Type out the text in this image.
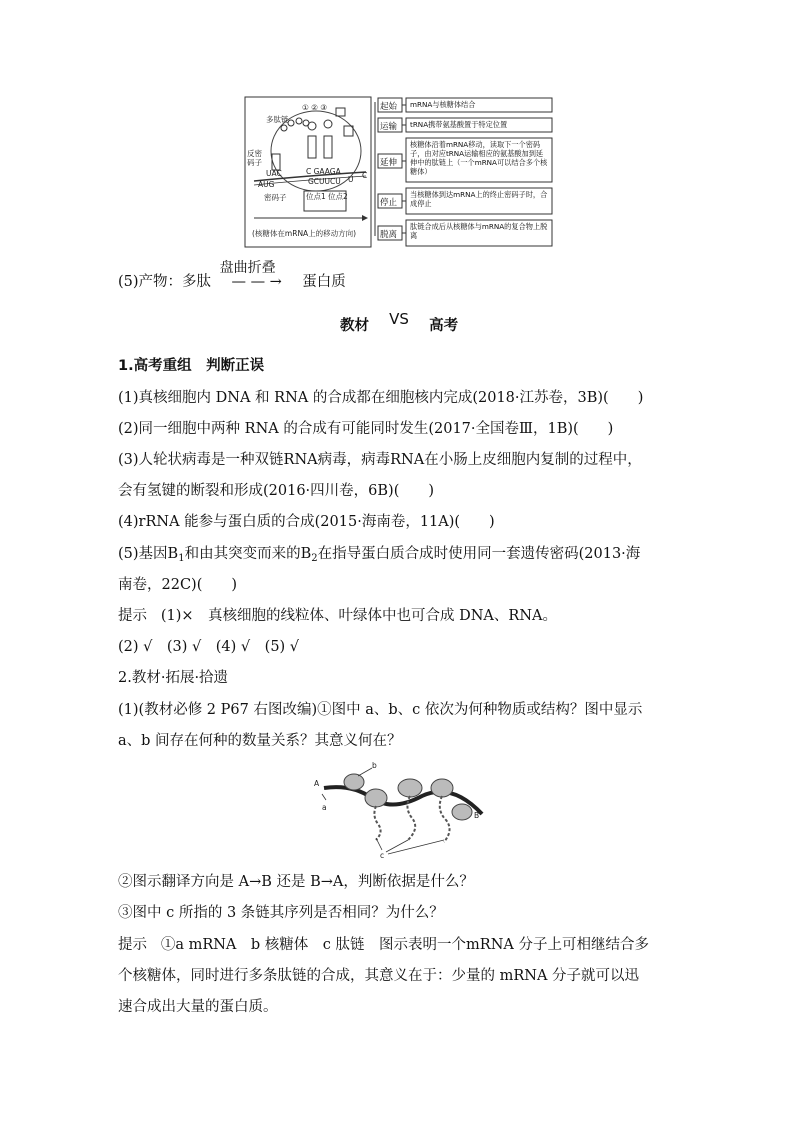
多肽链
① ② ③
反密
码子
UAC
AUG
C GAAGA
GCUUCU U C
密码子	位点1 位点2
(核糖体在mRNA上的移动方向)
起始 mRNA与核糖体结合
运输 tRNA携带氨基酸置于特定位置
延伸
核糖体沿着mRNA移动，读取下一个密码子，由对应tRNA运输相应的氨基酸加到延伸中的肽链上（一个mRNA可以结合多个核糖体）
停止
当核糖体到达mRNA上的终止密码子时，合成停止
脱离
肽链合成后从核糖体与mRNA的复合物上脱离
(5)产物：多肽
盘曲折叠
— — → 蛋白质
教材 VS 高考
1.高考重组　判断正误
(1)真核细胞内 DNA 和 RNA 的合成都在细胞核内完成(2018·江苏卷，3B)(　　)
(2)同一细胞中两种 RNA 的合成有可能同时发生(2017·全国卷Ⅲ，1B)(　　)
(3)人轮状病毒是一种双链RNA病毒，病毒RNA在小肠上皮细胞内复制的过程中，
会有氢键的断裂和形成(2016·四川卷，6B)(　　)
(4)rRNA 能参与蛋白质的合成(2015·海南卷，11A)(　　)
(5)基因$B_1$和由其突变而来的$B_2$在指导蛋白质合成时使用同一套遗传密码(2013·海
南卷，22C)(　　)
提示 (1)×　真核细胞的线粒体、叶绿体中也可合成 DNA、RNA。
(2) √　(3) √　(4) √　(5) √
2.教材·拓展·拾遗
(1)(教材必修 2 P67 右图改编)①图中 a、b、c 依次为何种物质或结构？图中显示
a、b 间存在何种的数量关系？其意义何在？
A
a
b
B
c
②图示翻译方向是 A→B 还是 B→A，判断依据是什么？
③图中 c 所指的 3 条链其序列是否相同？为什么？
提示 ①a mRNA　b 核糖体　c 肽链　图示表明一个mRNA 分子上可相继结合多
个核糖体，同时进行多条肽链的合成，其意义在于：少量的 mRNA 分子就可以迅
速合成出大量的蛋白质。
